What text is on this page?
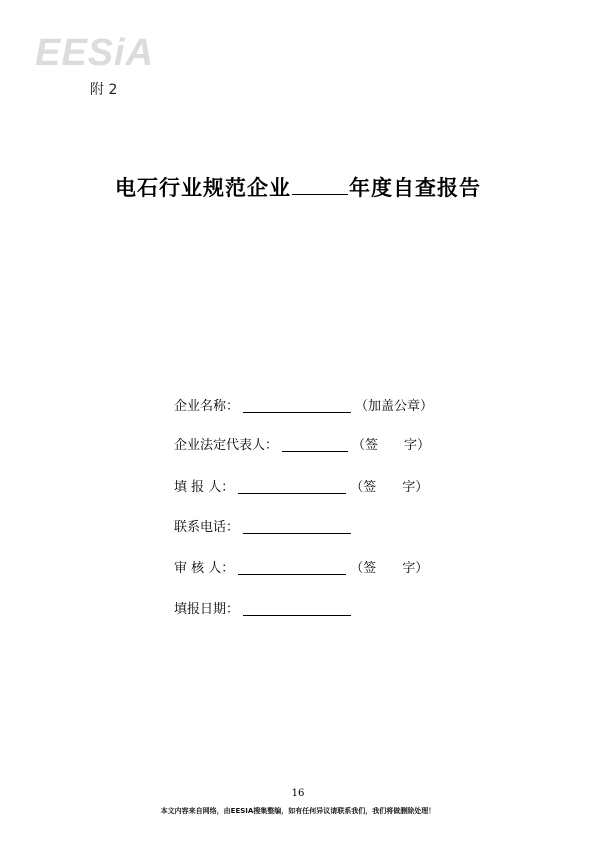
EESiA
附 2
电石行业规范企业	年度自查报告
企业名称：	（加盖公章）
企业法定代表人：	（签　　字）
填 报 人：	（签　　字）
联系电话：
审 核 人：	（签　　字）
填报日期：
16
本文内容来自网络，由EESIA搜集整编，如有任何异议请联系我们，我们将做删除处理！
